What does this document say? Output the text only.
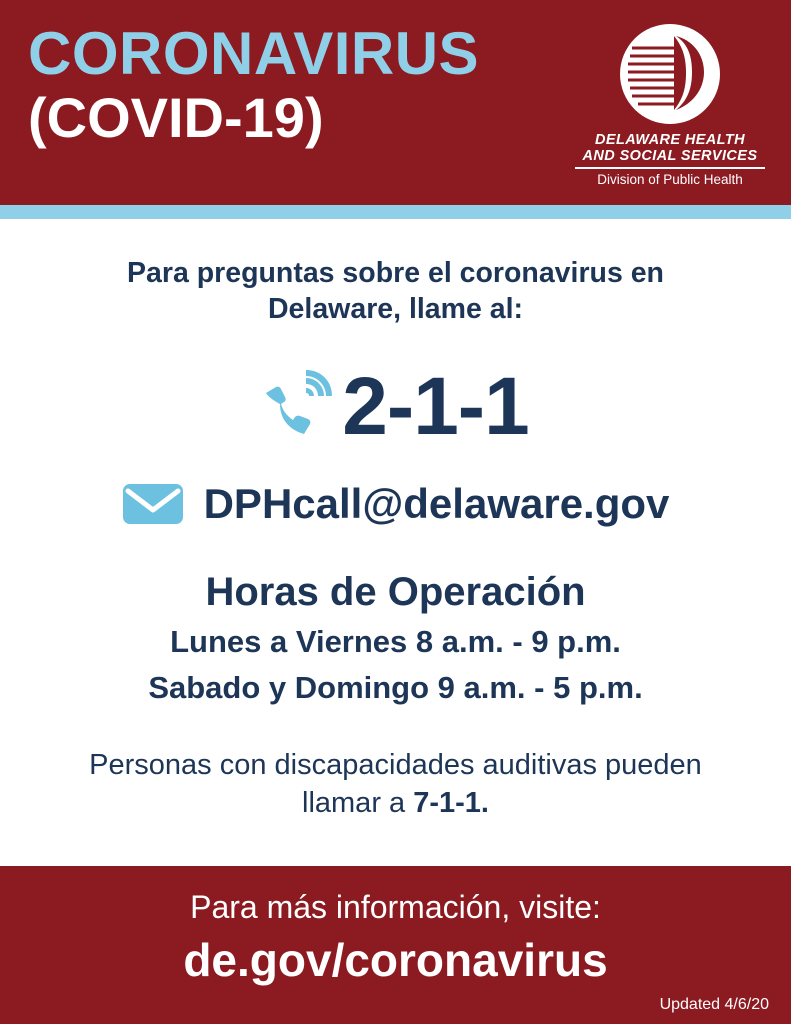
CORONAVIRUS
(COVID-19)	DELAWARE HEALTH
AND SOCIAL SERVICES
Division of Public Health

Para preguntas sobre el coronavirus en Delaware, llame al:

2-1-1
DPHcall@delaware.gov
Horas de Operación

Lunes a Viernes 8 a.m. - 9 p.m.

Sabado y Domingo 9 a.m. - 5 p.m.

Personas con discapacidades auditivas pueden llamar a 7-1-1.

Para más información, visite:

de.gov/coronavirus

Updated 4/6/20
